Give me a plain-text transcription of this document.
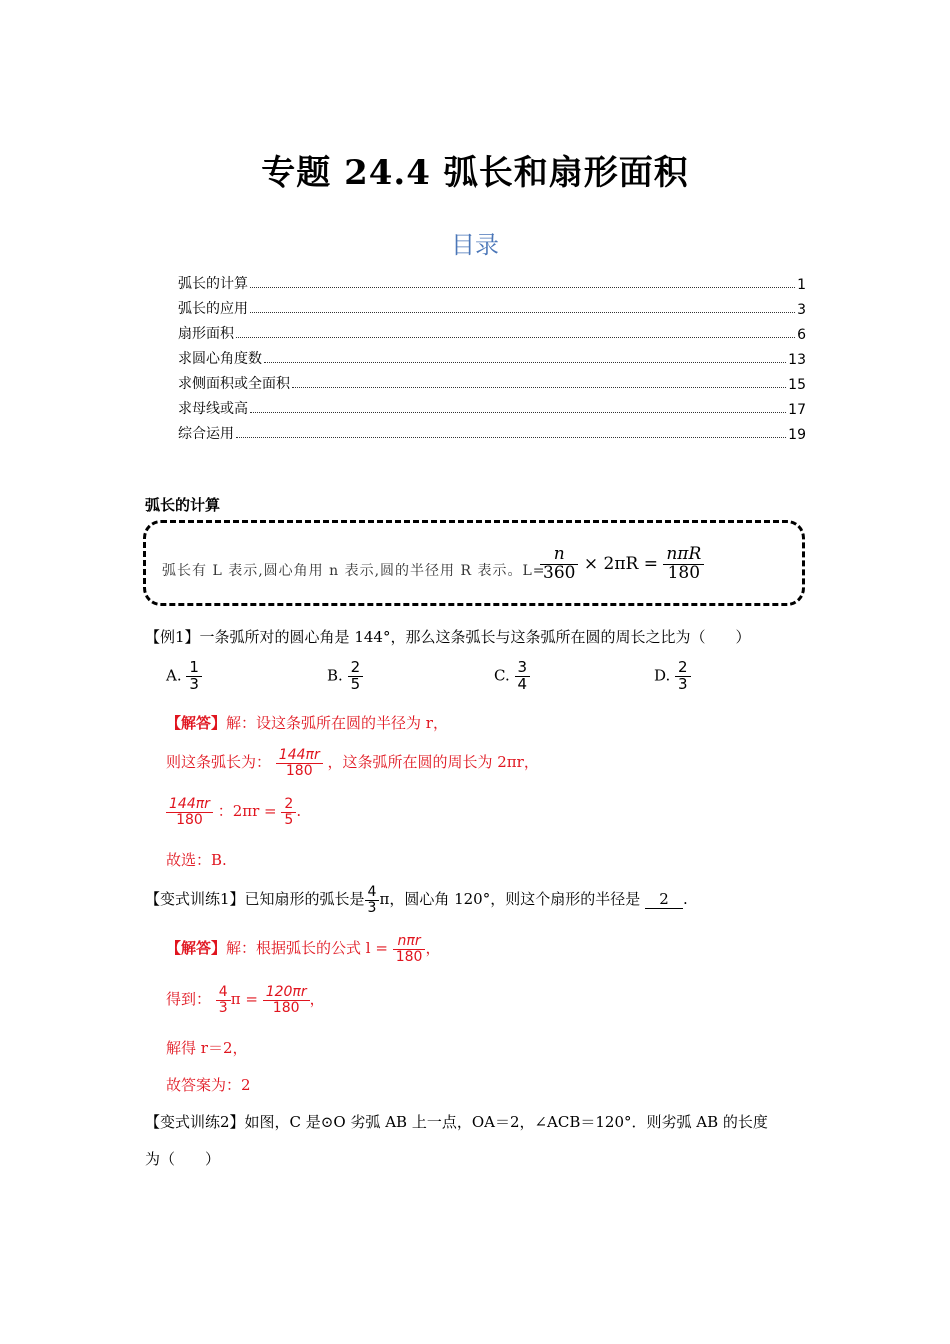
专题 24.4 弧长和扇形面积
目录
弧长的计算	1
弧长的应用	3
扇形面积	6
求圆心角度数	13
求侧面积或全面积	15
求母线或高	17
综合运用	19
弧长的计算
弧长有 L 表示,圆心角用 n 表示,圆的半径用 R 表示。L=
$\frac{n}{360} \times 2\pi R = \frac{\text{nπR}}{180}$
【例1】一条弧所对的圆心角是 144°，那么这条弧长与这条弧所在圆的周长之比为（　　）
A. $\frac{1}{3}$	B. $\frac{2}{5}$	C. $\frac{3}{4}$	D. $\frac{2}{3}$
【解答】解：设这条弧所在圆的半径为 r，
则这条弧长为： $\frac{144\pi r}{180}$ ，这条弧所在圆的周长为 2πr，
$\frac{144\pi r}{180}$ ：$2\pi r = \frac{2}{5}$ .
故选：B.
【变式训练1】已知扇形的弧长是 $\frac{4}{3}$ π，圆心角 120°，则这个扇形的半径是 2 .
【解答】解：根据弧长的公式 $l = \frac{\text{nπr}}{180}$ ，
得到： $\frac{4}{3}$ $\pi = \frac{120\pi r}{180}$ ，
解得 r＝2，
故答案为：2
【变式训练2】如图，C 是⊙O 劣弧 AB 上一点，OA＝2，∠ACB＝120°．则劣弧 AB 的长度
为（　　）
